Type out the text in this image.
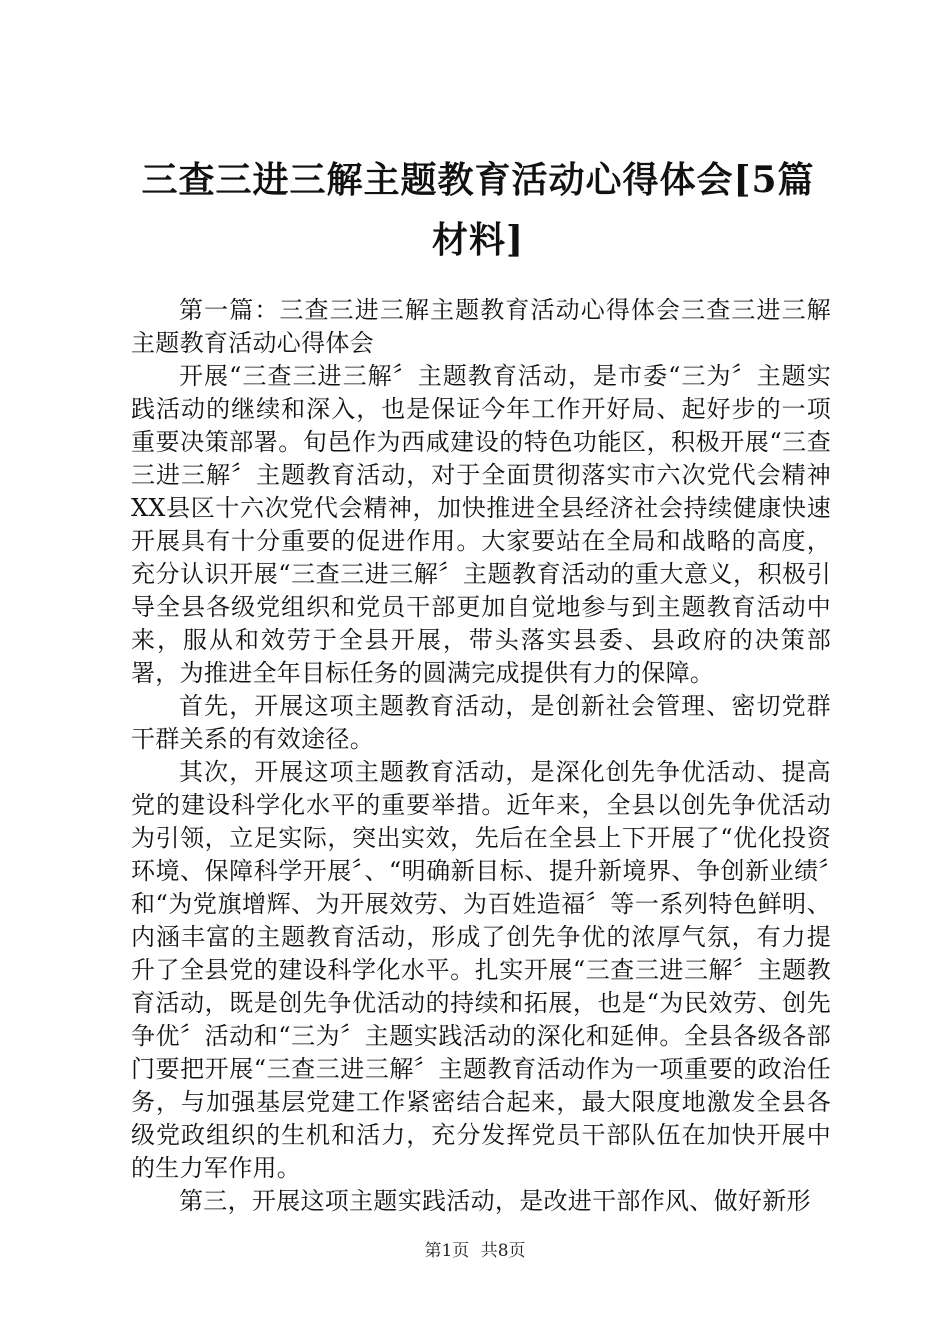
三查三进三解主题教育活动心得体会[5篇材料]

第一篇：三查三进三解主题教育活动心得体会三查三进三解主题教育活动心得体会

开展“三查三进三解〞主题教育活动，是市委“三为〞主题实践活动的继续和深入，也是保证今年工作开好局、起好步的一项重要决策部署。旬邑作为西咸建设的特色功能区，积极开展“三查三进三解〞主题教育活动，对于全面贯彻落实市六次党代会精神XX县区十六次党代会精神，加快推进全县经济社会持续健康快速开展具有十分重要的促进作用。大家要站在全局和战略的高度，充分认识开展“三查三进三解〞主题教育活动的重大意义，积极引导全县各级党组织和党员干部更加自觉地参与到主题教育活动中来，服从和效劳于全县开展，带头落实县委、县政府的决策部署，为推进全年目标任务的圆满完成提供有力的保障。

首先，开展这项主题教育活动，是创新社会管理、密切党群干群关系的有效途径。

其次，开展这项主题教育活动，是深化创先争优活动、提高党的建设科学化水平的重要举措。近年来，全县以创先争优活动为引领，立足实际，突出实效，先后在全县上下开展了“优化投资环境、保障科学开展〞、“明确新目标、提升新境界、争创新业绩〞和“为党旗增辉、为开展效劳、为百姓造福〞等一系列特色鲜明、内涵丰富的主题教育活动，形成了创先争优的浓厚气氛，有力提升了全县党的建设科学化水平。扎实开展“三查三进三解〞主题教育活动，既是创先争优活动的持续和拓展，也是“为民效劳、创先争优〞活动和“三为〞主题实践活动的深化和延伸。全县各级各部门要把开展“三查三进三解〞主题教育活动作为一项重要的政治任务，与加强基层党建工作紧密结合起来，最大限度地激发全县各级党政组织的生机和活力，充分发挥党员干部队伍在加快开展中的生力军作用。

第三，开展这项主题实践活动，是改进干部作风、做好新形

第1页 共8页
